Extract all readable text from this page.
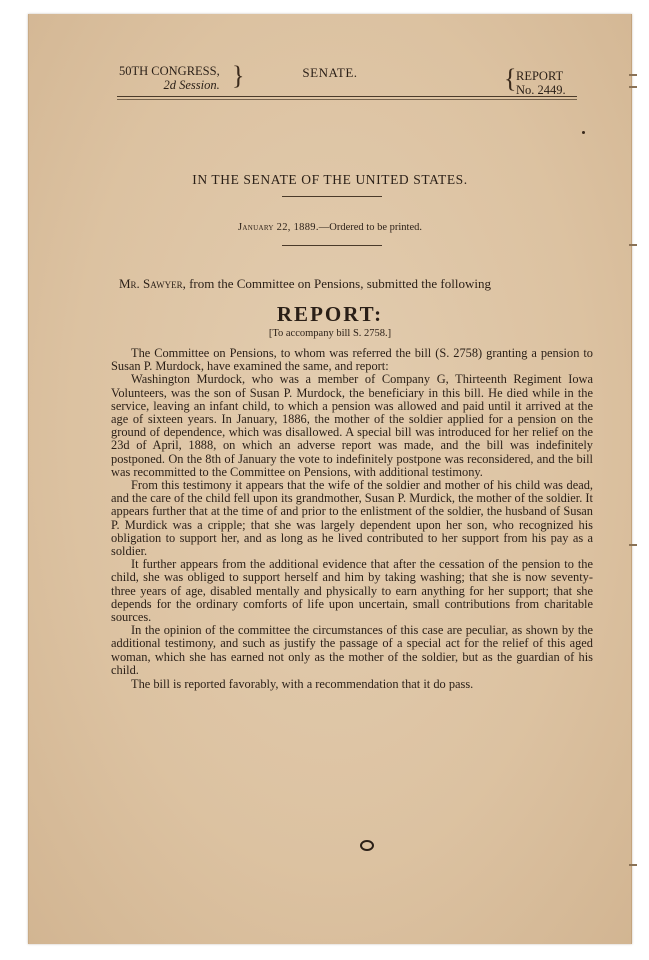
50TH CONGRESS,
2d Session. }	SENATE.	{ REPORT
No. 2449.
IN THE SENATE OF THE UNITED STATES.
January 22, 1889.—Ordered to be printed.
Mr. Sawyer, from the Committee on Pensions, submitted the following
REPORT:
[To accompany bill S. 2758.]

The Committee on Pensions, to whom was referred the bill (S. 2758) granting a pension to Susan P. Murdock, have examined the same, and report:

Washington Murdock, who was a member of Company G, Thirteenth Regiment Iowa Volunteers, was the son of Susan P. Murdock, the beneficiary in this bill. He died while in the service, leaving an infant child, to which a pension was allowed and paid until it arrived at the age of sixteen years. In January, 1886, the mother of the soldier applied for a pension on the ground of dependence, which was disallowed. A special bill was introduced for her relief on the 23d of April, 1888, on which an adverse report was made, and the bill was indefinitely postponed. On the 8th of January the vote to indefinitely postpone was reconsidered, and the bill was recommitted to the Committee on Pensions, with additional testimony.

From this testimony it appears that the wife of the soldier and mother of his child was dead, and the care of the child fell upon its grandmother, Susan P. Murdick, the mother of the soldier. It appears further that at the time of and prior to the enlistment of the soldier, the husband of Susan P. Murdick was a cripple; that she was largely dependent upon her son, who recognized his obligation to support her, and as long as he lived contributed to her support from his pay as a soldier.

It further appears from the additional evidence that after the cessation of the pension to the child, she was obliged to support herself and him by taking washing; that she is now seventy-three years of age, disabled mentally and physically to earn anything for her support; that she depends for the ordinary comforts of life upon uncertain, small contributions from charitable sources.

In the opinion of the committee the circumstances of this case are peculiar, as shown by the additional testimony, and such as justify the passage of a special act for the relief of this aged woman, which she has earned not only as the mother of the soldier, but as the guardian of his child.

The bill is reported favorably, with a recommendation that it do pass.
